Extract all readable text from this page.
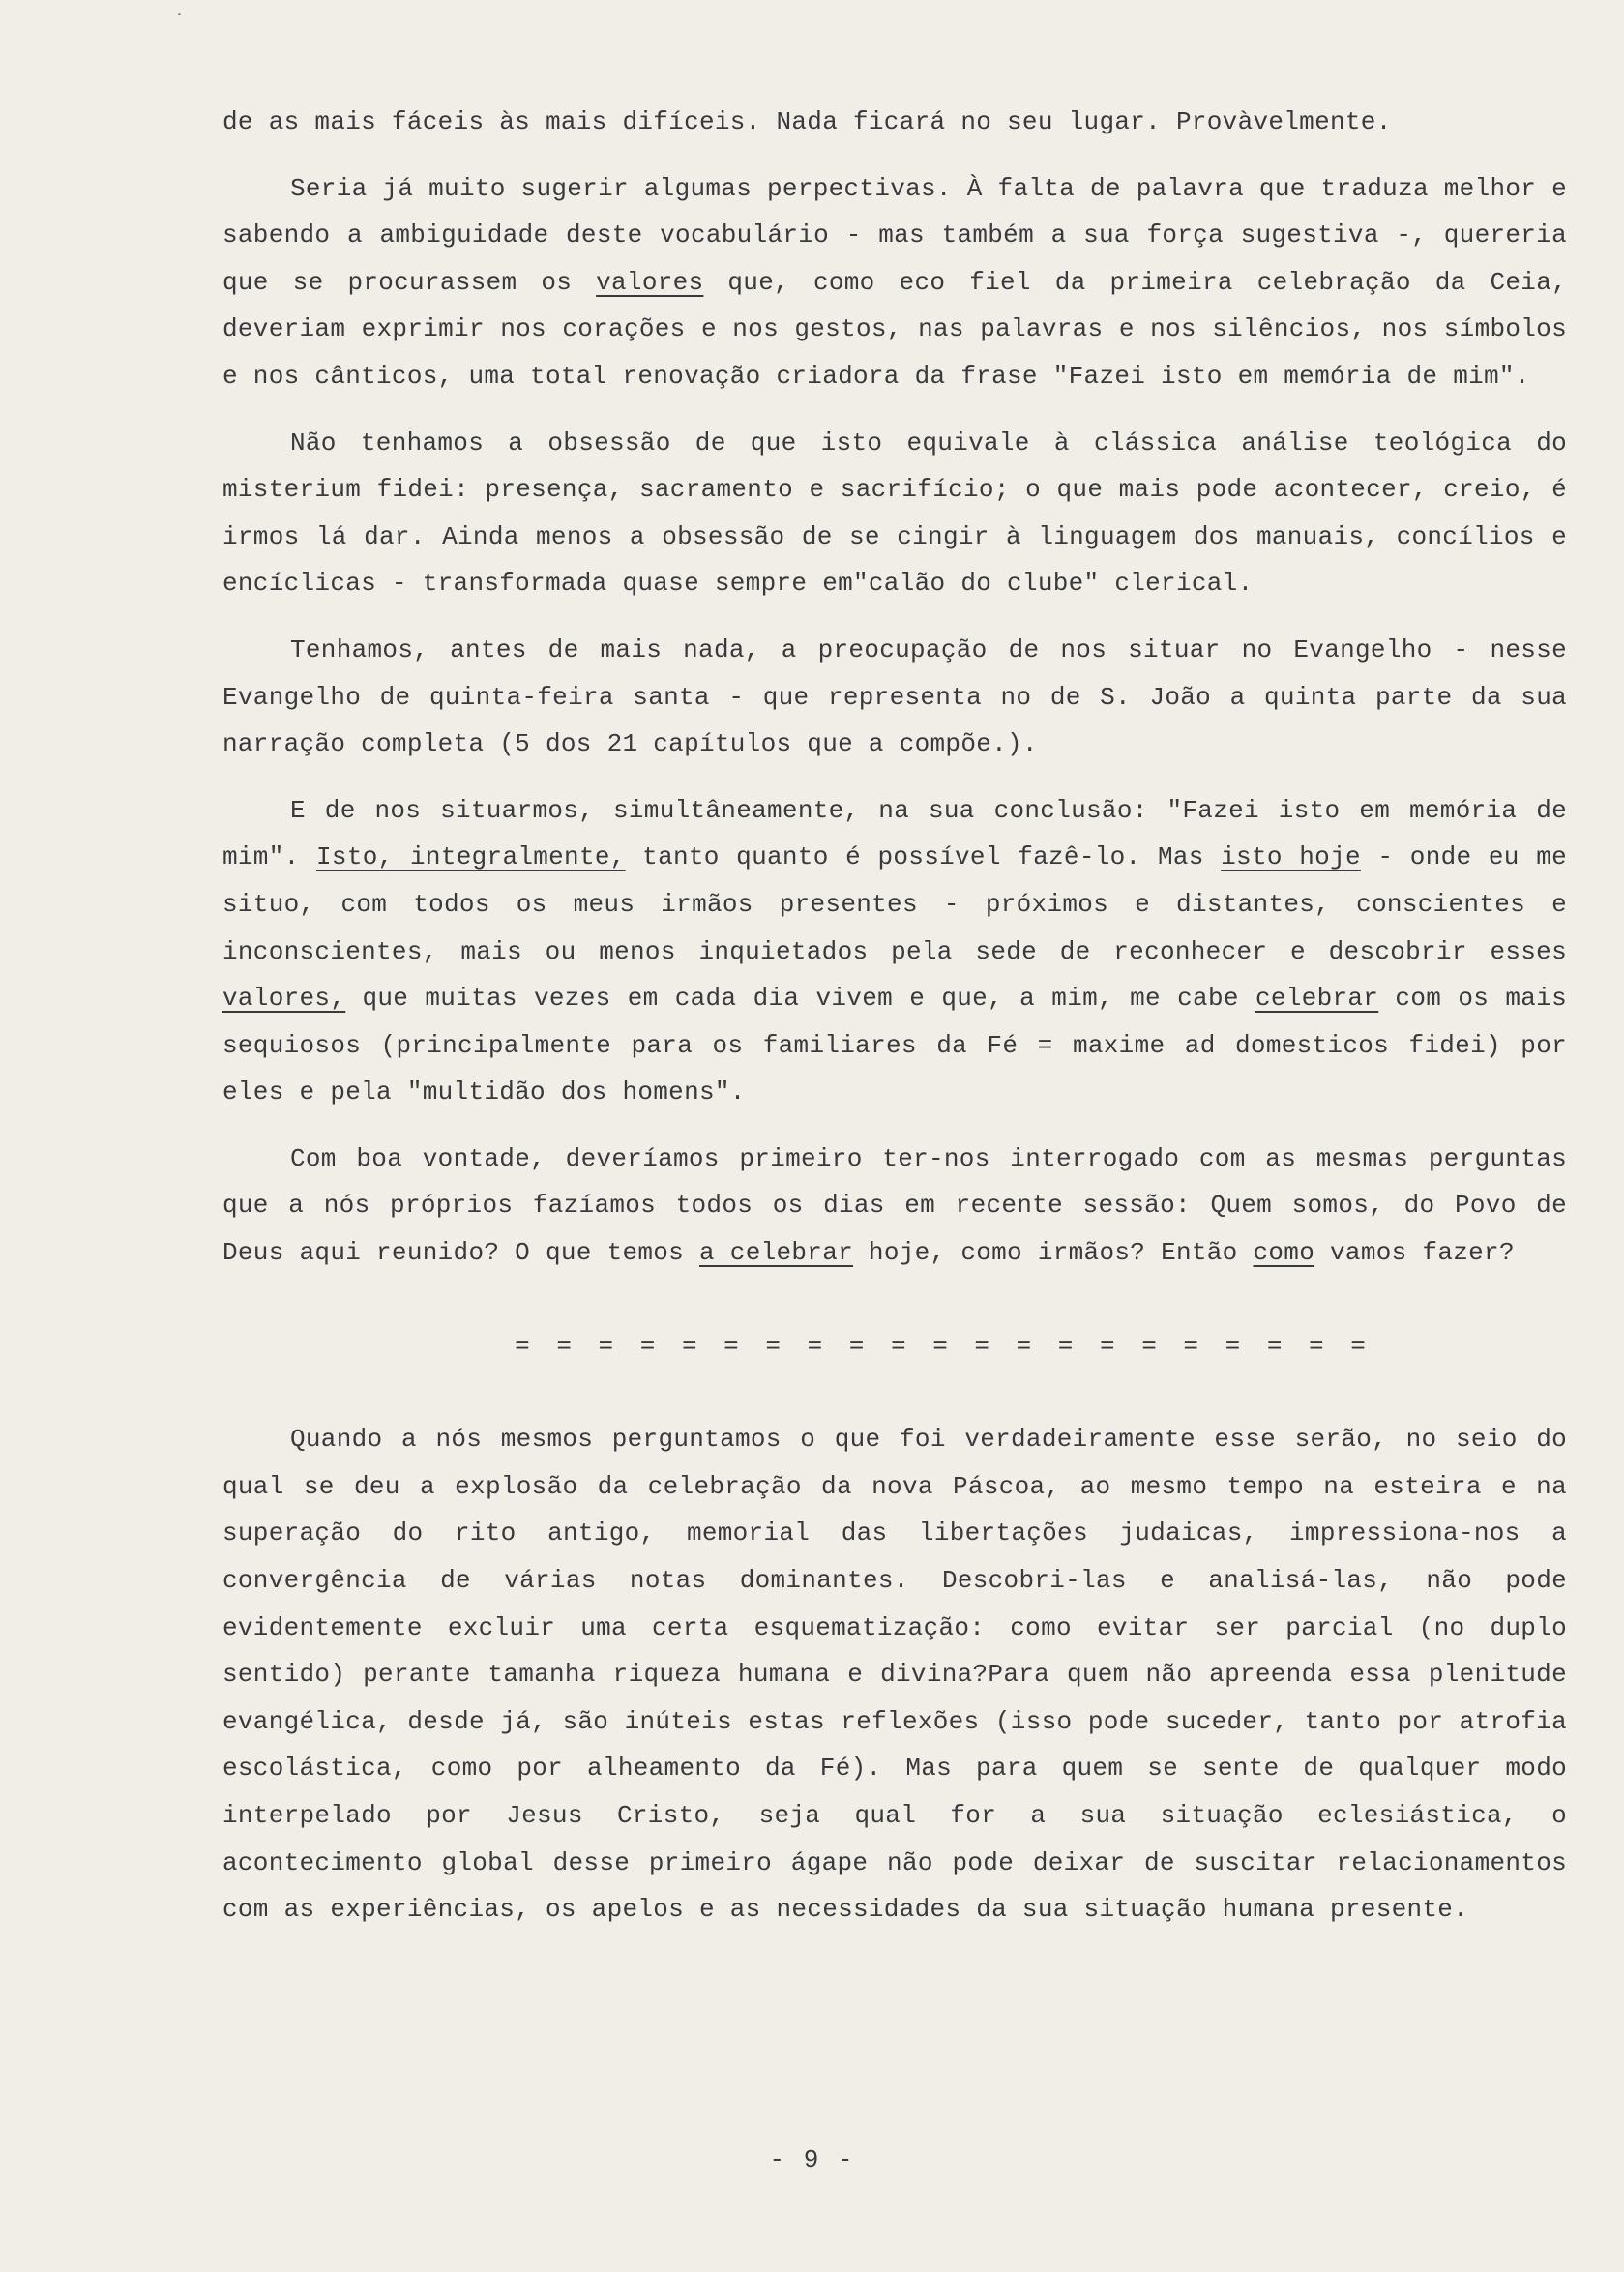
·

de as mais fáceis às mais difíceis. Nada ficará no seu lugar. Provàvelmente.

Seria já muito sugerir algumas perpectivas. À falta de palavra que traduza melhor e sabendo a ambiguidade deste vocabulário - mas também a sua força sugestiva -, quereria que se procurassem os valores que, como eco fiel da primeira celebração da Ceia, deveriam exprimir nos corações e nos gestos, nas palavras e nos silêncios, nos símbolos e nos cânticos, uma total renovação criadora da frase "Fazei isto em memória de mim".

Não tenhamos a obsessão de que isto equivale à clássica análise teológica do misterium fidei: presença, sacramento e sacrifício; o que mais pode acontecer, creio, é irmos lá dar. Ainda menos a obsessão de se cingir à linguagem dos manuais, concílios e encíclicas - transformada quase sempre em"calão do clube" clerical.

Tenhamos, antes de mais nada, a preocupação de nos situar no Evangelho - nesse Evangelho de quinta-feira santa - que representa no de S. João a quinta parte da sua narração completa (5 dos 21 capítulos que a compõe.).

E de nos situarmos, simultâneamente, na sua conclusão: "Fazei isto em memória de mim". Isto, integralmente, tanto quanto é possível fazê-lo. Mas isto hoje - onde eu me situo, com todos os meus irmãos presentes - próximos e distantes, conscientes e inconscientes, mais ou menos inquietados pela sede de reconhecer e descobrir esses valores, que muitas vezes em cada dia vivem e que, a mim, me cabe celebrar com os mais sequiosos (principalmente para os familiares da Fé = maxime ad domesticos fidei) por eles e pela "multidão dos homens".

Com boa vontade, deveríamos primeiro ter-nos interrogado com as mesmas perguntas que a nós próprios fazíamos todos os dias em recente sessão: Quem somos, do Povo de Deus aqui reunido? O que temos a celebrar hoje, como irmãos? Então como vamos fazer?

= = = = = = = = = = = = = = = = = = = = =

Quando a nós mesmos perguntamos o que foi verdadeiramente esse serão, no seio do qual se deu a explosão da celebração da nova Páscoa, ao mesmo tempo na esteira e na superação do rito antigo, memorial das libertações judaicas, impressiona-nos a convergência de várias notas dominantes. Descobri-las e analisá-las, não pode evidentemente excluir uma certa esquematização: como evitar ser parcial (no duplo sentido) perante tamanha riqueza humana e divina?Para quem não apreenda essa plenitude evangélica, desde já, são inúteis estas reflexões (isso pode suceder, tanto por atrofia escolástica, como por alheamento da Fé). Mas para quem se sente de qualquer modo interpelado por Jesus Cristo, seja qual for a sua situação eclesiástica, o acontecimento global desse primeiro ágape não pode deixar de suscitar relacionamentos com as experiências, os apelos e as necessidades da sua situação humana presente.

- 9 -
